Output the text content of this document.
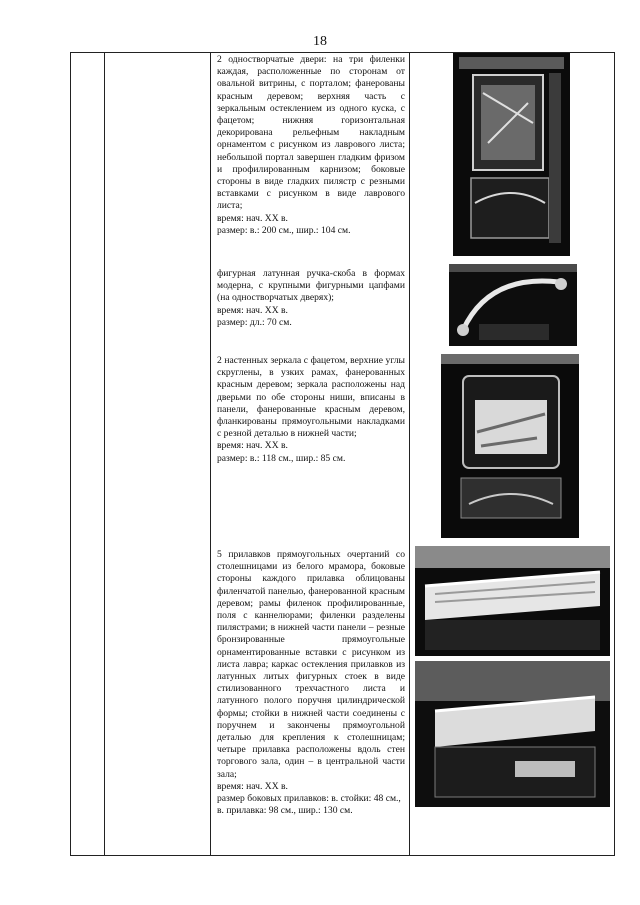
18

2 одностворчатые двери: на три филенки каждая, расположенные по сторонам от овальной витрины, с порталом; фанерованы красным деревом; верхняя часть с зеркальным остеклением из одного куска, с фацетом; нижняя горизонтальная декорирована рельефным накладным орнаментом с рисунком из лаврового листа; небольшой портал завершен гладким фризом и профилированным карнизом; боковые стороны в виде гладких пилястр с резными вставками с рисунком в виде лаврового листа;

время: нач. XX в.

размер: в.: 200 см., шир.: 104 см.

фигурная латунная ручка-скоба в формах модерна, с крупными фигурными цапфами (на одностворчатых дверях);

время: нач. XX в.

размер: дл.: 70 см.

2 настенных зеркала с фацетом, верхние углы скруглены, в узких рамах, фанерованных красным деревом; зеркала расположены над дверьми по обе стороны ниши, вписаны в панели, фанерованные красным деревом, фланкированы прямоугольными накладками с резной деталью в нижней части;

время: нач. XX в.

размер: в.: 118 см., шир.: 85 см.

5 прилавков прямоугольных очертаний со столешницами из белого мрамора, боковые стороны каждого прилавка облицованы филенчатой панелью, фанерованной красным деревом; рамы филенок профилированные, поля с каннелюрами; филенки разделены пилястрами; в нижней части панели – резные бронзированные прямоугольные орнаментированные вставки с рисунком из листа лавра; каркас остекления прилавков из латунных литых фигурных стоек в виде стилизованного трехчастного листа и латунного полого поручня цилиндрической формы; стойки в нижней части соединены с поручнем и закончены прямоугольной деталью для крепления к столешницам; четыре прилавка расположены вдоль стен торгового зала, один – в центральной части зала;

время: нач. XX в.

размер боковых прилавков: в. стойки: 48 см., в. прилавка: 98 см., шир.: 130 см.
